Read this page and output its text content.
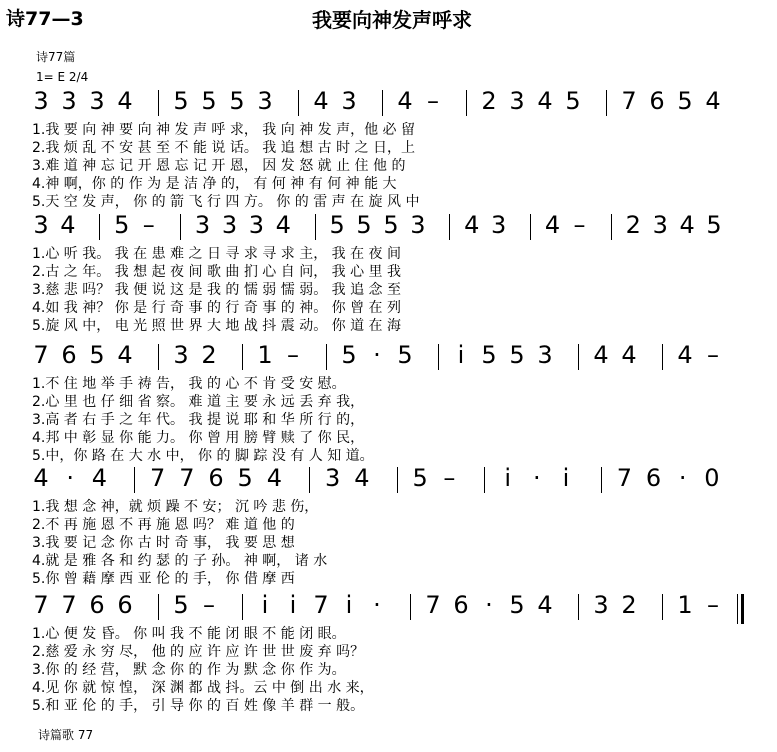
诗77—3	我要向神发声呼求
诗77篇
1= E 2/4
3 3 3 4 5 5 5 3 4 3 4 – 2 3 4 5 7 6 5 4
1.我 要 向 神 要 向 神 发 声 呼 求， 我 向 神 发 声，他 必 留
2.我 烦 乱 不 安 甚 至 不 能 说 话。 我 追 想 古 时 之 日，上
3.难 道 神 忘 记 开 恩 忘 记 开 恩， 因 发 怒 就 止 住 他 的
4.神 啊，你 的 作 为 是 洁 净 的， 有 何 神 有 何 神 能 大
5.天 空 发 声， 你 的 箭 飞 行 四 方。 你 的 雷 声 在 旋 风 中
3 4 5 – 3 3 3 4 5 5 5 3 4 3 4 – 2 3 4 5
1.心 听 我。 我 在 患 难 之 日 寻 求 寻 求 主， 我 在 夜 间
2.古 之 年。 我 想 起 夜 间 歌 曲 扪 心 自 问， 我 心 里 我
3.慈 悲 吗？ 我 便 说 这 是 我 的 懦 弱 懦 弱。 我 追 念 至
4.如 我 神？ 你 是 行 奇 事 的 行 奇 事 的 神。 你 曾 在 列
5.旋 风 中， 电 光 照 世 界 大 地 战 抖 震 动。 你 道 在 海
7 6 5 4 3 2 1 – 5 · 5 i 5 5 3 4 4 4 –
1.不 住 地 举 手 祷 告， 我 的 心 不 肯 受 安 慰。
2.心 里 也 仔 细 省 察。 难 道 主 要 永 远 丢 弃 我，
3.高 者 右 手 之 年 代。 我 提 说 耶 和 华 所 行 的，
4.邦 中 彰 显 你 能 力。 你 曾 用 膀 臂 赎 了 你 民，
5.中，你 路 在 大 水 中， 你 的 脚 踪 没 有 人 知 道。
4 · 4 7 7 6 5 4 3 4 5 – i · i 7 6 · 0
1.我 想 念 神，就 烦 躁 不 安； 沉 吟 悲 伤，
2.不 再 施 恩 不 再 施 恩 吗？ 难 道 他 的
3.我 要 记 念 你 古 时 奇 事， 我 要 思 想
4.就 是 雅 各 和 约 瑟 的 子 孙。 神 啊， 诸 水
5.你 曾 藉 摩 西 亚 伦 的 手， 你 借 摩 西
7 7 6 6 5 – i i 7 i · 7 6 · 5 4 3 2 1 –
1.心 便 发 昏。 你 叫 我 不 能 闭 眼 不 能 闭 眼。
2.慈 爱 永 穷 尽， 他 的 应 许 应 许 世 世 废 弃 吗？
3.你 的 经 营， 默 念 你 的 作 为 默 念 你 作 为。
4.见 你 就 惊 惶， 深 渊 都 战 抖。云 中 倒 出 水 来，
5.和 亚 伦 的 手， 引 导 你 的 百 姓 像 羊 群 一 般。
诗篇歌 77
